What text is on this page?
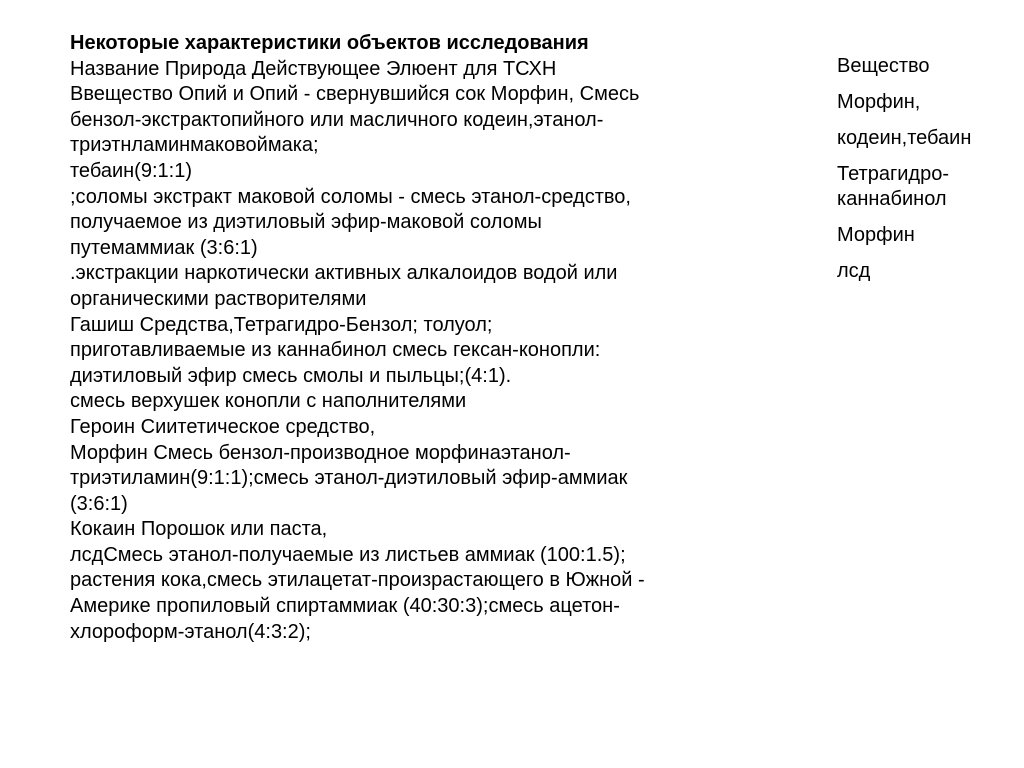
Некоторые характеристики объектов исследования
Название Природа Действующее Элюент для ТСХН
Ввещество Опий и Опий - свернувшийся сок Морфин, Смесь
бензол-экстрактопийного или масличного кодеин,этанол-
триэтнламинмаковоймака;
тебаин(9:1:1)
;соломы экстракт маковой соломы - смесь этанол-средство,
получаемое из диэтиловый эфир-маковой соломы
путемаммиак (3:6:1)
.экстракции наркотически активных алкалоидов водой или
органическими растворителями
Гашиш Средства,Тетрагидро-Бензол; толуол;
приготавливаемые из каннабинол смесь гексан-конопли:
диэтиловый эфир смесь смолы и пыльцы;(4:1).
смесь верхушек конопли с наполнителями
Героин Сиитетическое средство,
Морфин Смесь бензол-производное морфинаэтанол-
триэтиламин(9:1:1);смесь этанол-диэтиловый эфир-аммиак
(3:6:1)
Кокаин Порошок или паста,
лсдСмесь этанол-получаемые из листьев аммиак (100:1.5);
растения кока,смесь этилацетат-произрастающего в Южной -
Америке пропиловый спиртаммиак (40:30:3);смесь ацетон-
хлороформ-этанол(4:3:2);
Вещество
Морфин,
кодеин,тебаин
Тетрагидро-
каннабинол
Морфин
лсд
